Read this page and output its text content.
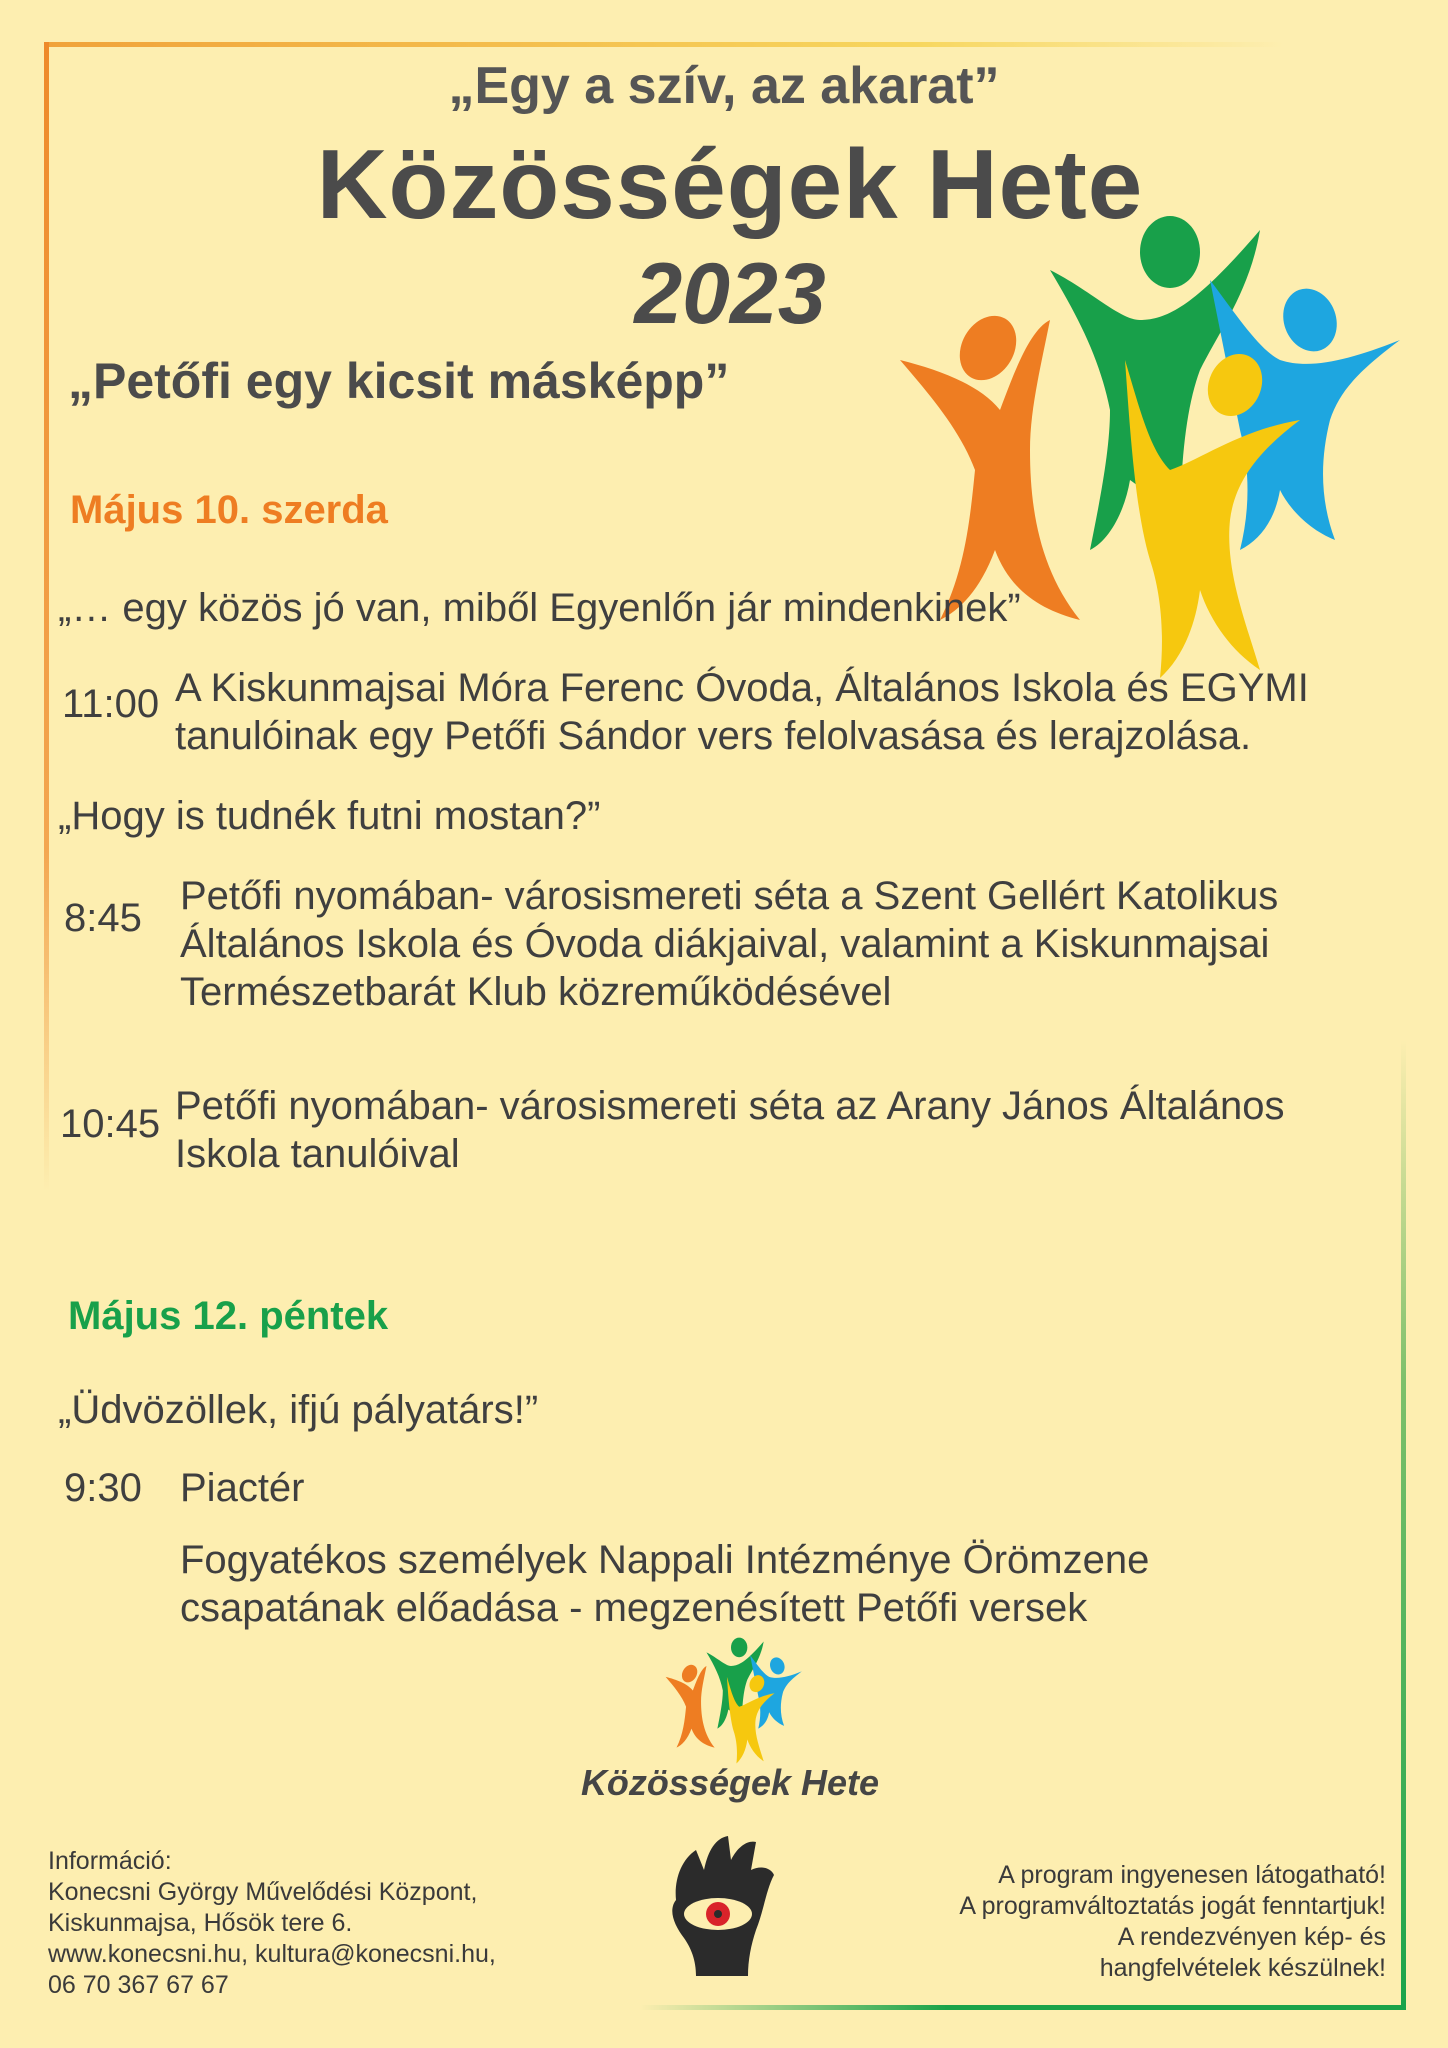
„Egy a szív, az akarat”
Közösségek Hete
2023
„Petőfi egy kicsit másképp”
Május 10. szerda
„… egy közös jó van, miből Egyenlőn jár mindenkinek”
11:00 A Kiskunmajsai Móra Ferenc Óvoda, Általános Iskola és EGYMI
tanulóinak egy Petőfi Sándor vers felolvasása és lerajzolása.
„Hogy is tudnék futni mostan?”
8:45 Petőfi nyomában- városismereti séta a Szent Gellért Katolikus
Általános Iskola és Óvoda diákjaival, valamint a Kiskunmajsai
Természetbarát Klub közreműködésével
10:45 Petőfi nyomában- városismereti séta az Arany János Általános
Iskola tanulóival
Május 12. péntek
„Üdvözöllek, ifjú pályatárs!”
9:30 Piactér
Fogyatékos személyek Nappali Intézménye Örömzene
csapatának előadása - megzenésített Petőfi versek
Közösségek Hete
Információ:
Konecsni György Művelődési Központ,
Kiskunmajsa, Hősök tere 6.
www.konecsni.hu, kultura@konecsni.hu,
06 70 367 67 67
A program ingyenesen látogatható!
A programváltoztatás jogát fenntartjuk!
A rendezvényen kép- és
hangfelvételek készülnek!
